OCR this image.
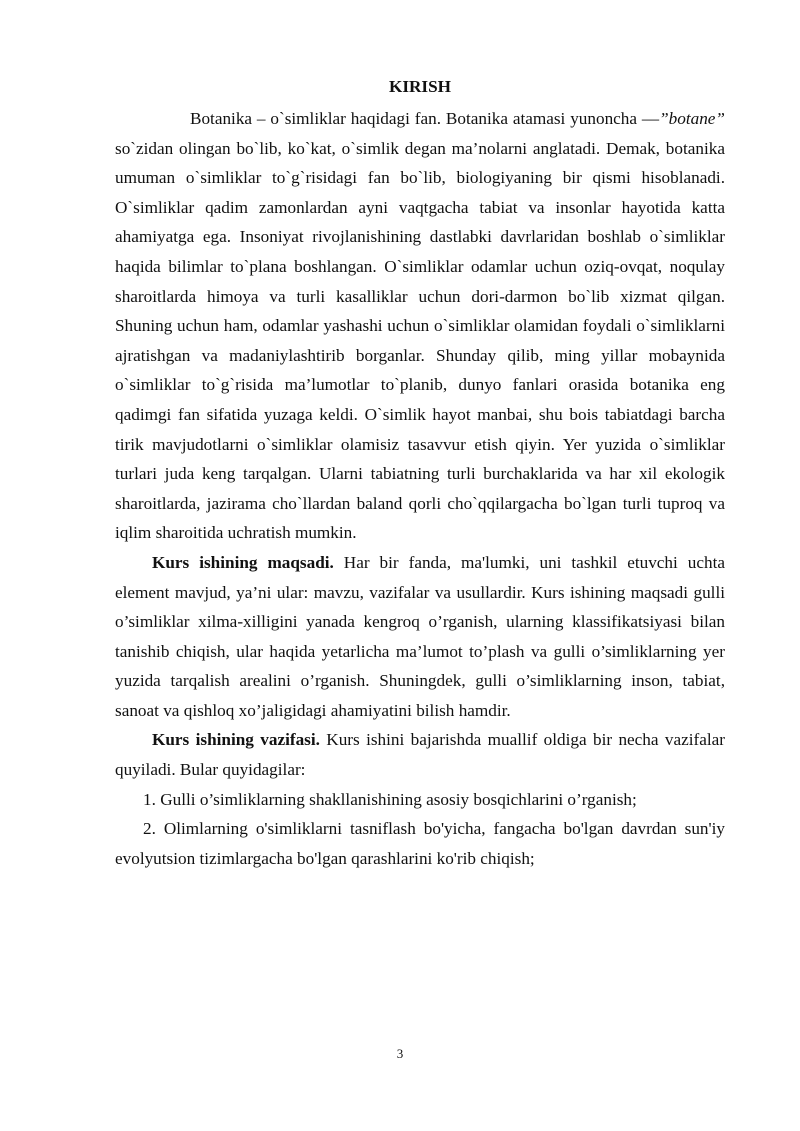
KIRISH

Botanika – o`simliklar haqidagi fan. Botanika atamasi yunoncha —”botane” so`zidan olingan bo`lib, ko`kat, o`simlik degan ma’nolarni anglatadi. Demak, botanika umuman o`simliklar to`g`risidagi fan bo`lib, biologiyaning bir qismi hisoblanadi. O`simliklar qadim zamonlardan ayni vaqtgacha tabiat va insonlar hayotida katta ahamiyatga ega. Insoniyat rivojlanishining dastlabki davrlaridan boshlab o`simliklar haqida bilimlar to`plana boshlangan. O`simliklar odamlar uchun oziq-ovqat, noqulay sharoitlarda himoya va turli kasalliklar uchun dori-darmon bo`lib xizmat qilgan. Shuning uchun ham, odamlar yashashi uchun o`simliklar olamidan foydali o`simliklarni ajratishgan va madaniylashtirib borganlar. Shunday qilib, ming yillar mobaynida o`simliklar to`g`risida ma’lumotlar to`planib, dunyo fanlari orasida botanika eng qadimgi fan sifatida yuzaga keldi. O`simlik hayot manbai, shu bois tabiatdagi barcha tirik mavjudotlarni o`simliklar olamisiz tasavvur etish qiyin. Yer yuzida o`simliklar turlari juda keng tarqalgan. Ularni tabiatning turli burchaklarida va har xil ekologik sharoitlarda, jazirama cho`llardan baland qorli cho`qqilargacha bo`lgan turli tuproq va iqlim sharoitida uchratish mumkin.

Kurs ishining maqsadi. Har bir fanda, ma'lumki, uni tashkil etuvchi uchta element mavjud, ya’ni ular: mavzu, vazifalar va usullardir. Kurs ishining maqsadi gulli o’simliklar xilma-xilligini yanada kengroq o’rganish, ularning klassifikatsiyasi bilan tanishib chiqish, ular haqida yetarlicha ma’lumot to’plash va gulli o’simliklarning yer yuzida tarqalish arealini o’rganish. Shuningdek, gulli o’simliklarning inson, tabiat, sanoat va qishloq xo’jaligidagi ahamiyatini bilish hamdir.

Kurs ishining vazifasi. Kurs ishini bajarishda muallif oldiga bir necha vazifalar quyiladi. Bular quyidagilar:

1. Gulli o’simliklarning shakllanishining asosiy bosqichlarini o’rganish;

2. Olimlarning o'simliklarni tasniflash bo'yicha, fangacha bo'lgan davrdan sun'iy evolyutsion tizimlargacha bo'lgan qarashlarini ko'rib chiqish;

3
